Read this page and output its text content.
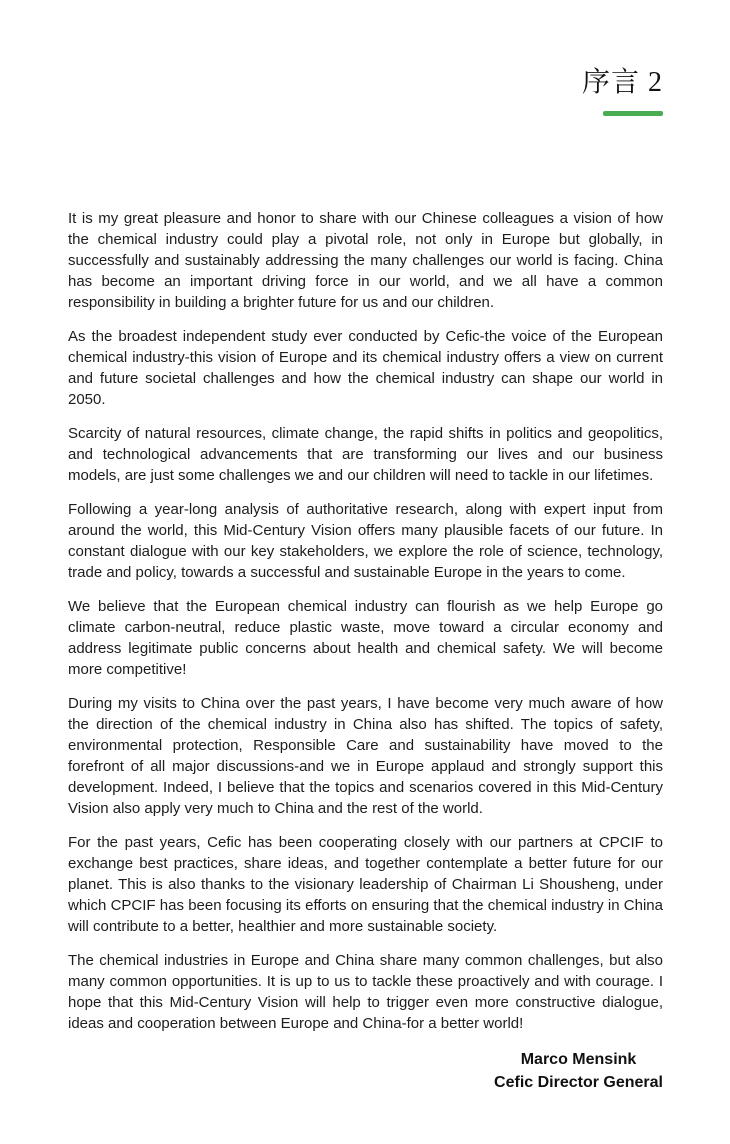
序言 2

It is my great pleasure and honor to share with our Chinese colleagues a vision of how the chemical industry could play a pivotal role, not only in Europe but globally, in successfully and sustainably addressing the many challenges our world is facing. China has become an important driving force in our world, and we all have a common responsibility in building a brighter future for us and our children.

As the broadest independent study ever conducted by Cefic-the voice of the European chemical industry-this vision of Europe and its chemical industry offers a view on current and future societal challenges and how the chemical industry can shape our world in 2050.

Scarcity of natural resources, climate change, the rapid shifts in politics and geopolitics, and technological advancements that are transforming our lives and our business models, are just some challenges we and our children will need to tackle in our lifetimes.

Following a year-long analysis of authoritative research, along with expert input from around the world, this Mid-Century Vision offers many plausible facets of our future. In constant dialogue with our key stakeholders, we explore the role of science, technology, trade and policy, towards a successful and sustainable Europe in the years to come.

We believe that the European chemical industry can flourish as we help Europe go climate carbon-neutral, reduce plastic waste, move toward a circular economy and address legitimate public concerns about health and chemical safety. We will become more competitive!

During my visits to China over the past years, I have become very much aware of how the direction of the chemical industry in China also has shifted. The topics of safety, environmental protection, Responsible Care and sustainability have moved to the forefront of all major discussions-and we in Europe applaud and strongly support this development. Indeed, I believe that the topics and scenarios covered in this Mid-Century Vision also apply very much to China and the rest of the world.

For the past years, Cefic has been cooperating closely with our partners at CPCIF to exchange best practices, share ideas, and together contemplate a better future for our planet. This is also thanks to the visionary leadership of Chairman Li Shousheng, under which CPCIF has been focusing its efforts on ensuring that the chemical industry in China will contribute to a better, healthier and more sustainable society.

The chemical industries in Europe and China share many common challenges, but also many common opportunities. It is up to us to tackle these proactively and with courage. I hope that this Mid-Century Vision will help to trigger even more constructive dialogue, ideas and cooperation between Europe and China-for a better world!

Marco Mensink
Cefic Director General
